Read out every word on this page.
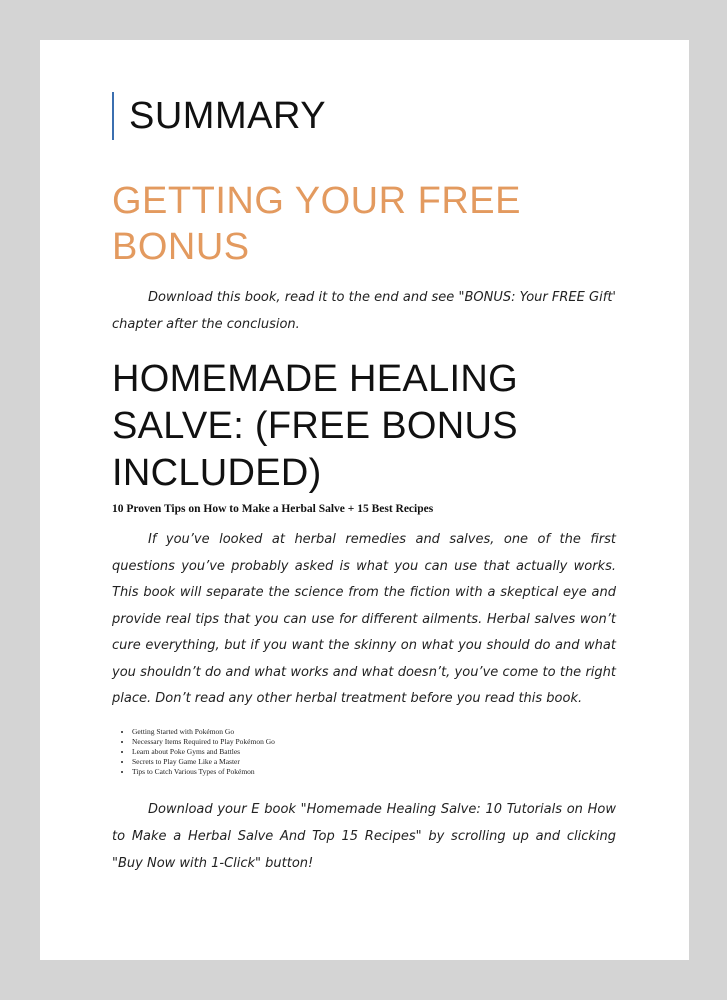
SUMMARY
GETTING YOUR FREE BONUS

Download this book, read it to the end and see "BONUS: Your FREE Gift' chapter after the conclusion.

HOMEMADE HEALING SALVE: (FREE BONUS INCLUDED)

10 Proven Tips on How to Make a Herbal Salve + 15 Best Recipes

If you’ve looked at herbal remedies and salves, one of the first questions you’ve probably asked is what you can use that actually works. This book will separate the science from the fiction with a skeptical eye and provide real tips that you can use for different ailments. Herbal salves won’t cure everything, but if you want the skinny on what you should do and what you shouldn’t do and what works and what doesn’t, you’ve come to the right place. Don’t read any other herbal treatment before you read this book.

• Getting Started with Pokémon Go
• Necessary Items Required to Play Pokémon Go
• Learn about Poke Gyms and Battles
• Secrets to Play Game Like a Master
• Tips to Catch Various Types of Pokémon

Download your E book "Homemade Healing Salve: 10 Tutorials on How to Make a Herbal Salve And Top 15 Recipes" by scrolling up and clicking "Buy Now with 1-Click" button!
